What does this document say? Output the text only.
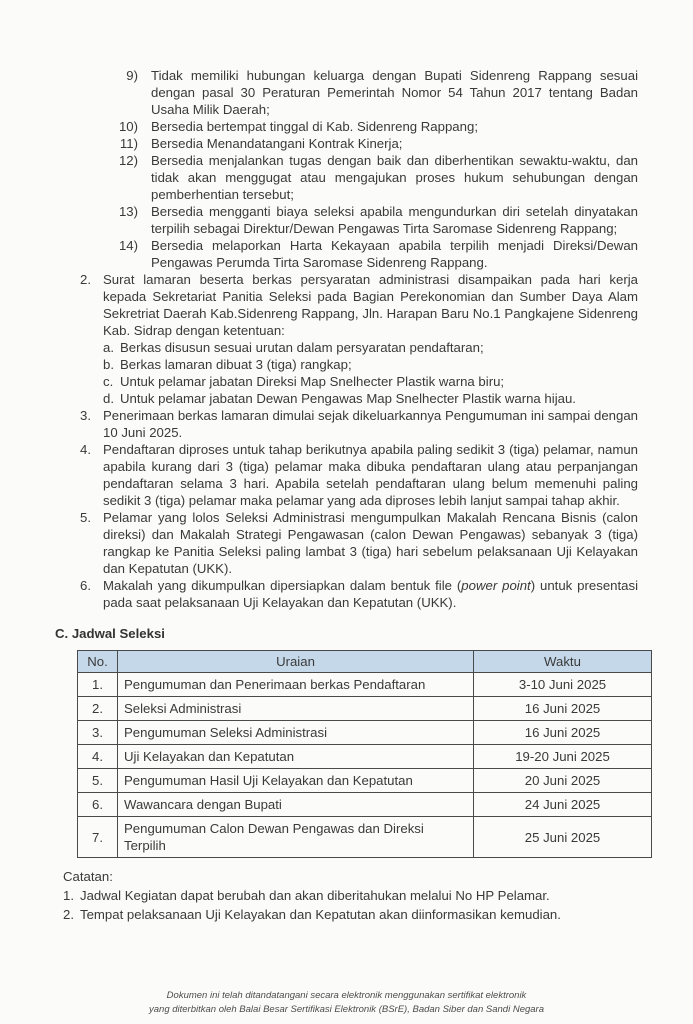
9) Tidak memiliki hubungan keluarga dengan Bupati Sidenreng Rappang sesuai dengan pasal 30 Peraturan Pemerintah Nomor 54 Tahun 2017 tentang Badan Usaha Milik Daerah;
10) Bersedia bertempat tinggal di Kab. Sidenreng Rappang;
11) Bersedia Menandatangani Kontrak Kinerja;
12) Bersedia menjalankan tugas dengan baik dan diberhentikan sewaktu-waktu, dan tidak akan menggugat atau mengajukan proses hukum sehubungan dengan pemberhentian tersebut;
13) Bersedia mengganti biaya seleksi apabila mengundurkan diri setelah dinyatakan terpilih sebagai Direktur/Dewan Pengawas Tirta Saromase Sidenreng Rappang;
14) Bersedia melaporkan Harta Kekayaan apabila terpilih menjadi Direksi/Dewan Pengawas Perumda Tirta Saromase Sidenreng Rappang.
2. Surat lamaran beserta berkas persyaratan administrasi disampaikan pada hari kerja kepada Sekretariat Panitia Seleksi pada Bagian Perekonomian dan Sumber Daya Alam Sekretriat Daerah Kab.Sidenreng Rappang, Jln. Harapan Baru No.1 Pangkajene Sidenreng Kab. Sidrap dengan ketentuan:
a. Berkas disusun sesuai urutan dalam persyaratan pendaftaran;
b. Berkas lamaran dibuat 3 (tiga) rangkap;
c. Untuk pelamar jabatan Direksi Map Snelhecter Plastik warna biru;
d. Untuk pelamar jabatan Dewan Pengawas Map Snelhecter Plastik warna hijau.
3. Penerimaan berkas lamaran dimulai sejak dikeluarkannya Pengumuman ini sampai dengan 10 Juni 2025.
4. Pendaftaran diproses untuk tahap berikutnya apabila paling sedikit 3 (tiga) pelamar, namun apabila kurang dari 3 (tiga) pelamar maka dibuka pendaftaran ulang atau perpanjangan pendaftaran selama 3 hari. Apabila setelah pendaftaran ulang belum memenuhi paling sedikit 3 (tiga) pelamar maka pelamar yang ada diproses lebih lanjut sampai tahap akhir.
5. Pelamar yang lolos Seleksi Administrasi mengumpulkan Makalah Rencana Bisnis (calon direksi) dan Makalah Strategi Pengawasan (calon Dewan Pengawas) sebanyak 3 (tiga) rangkap ke Panitia Seleksi paling lambat 3 (tiga) hari sebelum pelaksanaan Uji Kelayakan dan Kepatutan (UKK).
6. Makalah yang dikumpulkan dipersiapkan dalam bentuk file (power point) untuk presentasi pada saat pelaksanaan Uji Kelayakan dan Kepatutan (UKK).
C. Jadwal Seleksi
No.	Uraian	Waktu
1.	Pengumuman dan Penerimaan berkas Pendaftaran	3-10 Juni 2025
2.	Seleksi Administrasi	16 Juni 2025
3.	Pengumuman Seleksi Administrasi	16 Juni 2025
4.	Uji Kelayakan dan Kepatutan	19-20 Juni 2025
5.	Pengumuman Hasil Uji Kelayakan dan Kepatutan	20 Juni 2025
6.	Wawancara dengan Bupati	24 Juni 2025
7.	Pengumuman Calon Dewan Pengawas dan Direksi Terpilih	25 Juni 2025
Catatan:
1. Jadwal Kegiatan dapat berubah dan akan diberitahukan melalui No HP Pelamar.
2. Tempat pelaksanaan Uji Kelayakan dan Kepatutan akan diinformasikan kemudian.
Dokumen ini telah ditandatangani secara elektronik menggunakan sertifikat elektronik
yang diterbitkan oleh Balai Besar Sertifikasi Elektronik (BSrE), Badan Siber dan Sandi Negara
